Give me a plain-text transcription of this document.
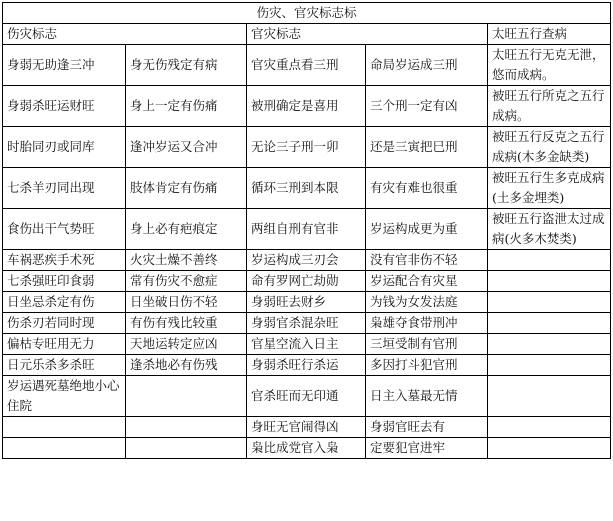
伤灾、官灾标志标				
伤灾标志		官灾标志		太旺五行查病
身弱无助逢三冲	身无伤残定有病	官灾重点看三刑	命局岁运成三刑	太旺五行无克无泄，悠而成病。
身弱杀旺运财旺	身上一定有伤痛	被刑确定是喜用	三个刑一定有凶	被旺五行所克之五行成病。
时胎同刃或同库	逢冲岁运又合冲	无论三子刑一卯	还是三寅把巳刑	被旺五行反克之五行成病(木多金缺类)
七杀羊刃同出现	肢体肯定有伤痛	循环三刑到本限	有灾有难也很重	被旺五行生多克成病(土多金埋类)
食伤出干气势旺	身上必有疤痕定	两组自刑有官非	岁运构成更为重	被旺五行盗泄太过成病(火多木焚类)
车祸恶疾手术死	火灾土燥不善终	岁运构成三刃会	没有官非伤不轻	
七杀强旺印食弱	常有伤灾不愈症	命有罗网亡劫勋	岁运配合有灾星	
日坐忌杀定有伤	日坐破日伤不轻	身弱旺去财乡	为钱为女发法庭	
伤杀刃若同时现	有伤有残比较重	身弱官杀混杂旺	枭雄夺食带刑冲	
偏枯专旺用无力	天地运转定应凶	官星空流入日主	三垣受制有官刑	
日元乐杀多杀旺	逢杀地必有伤残	身弱杀旺行杀运	多因打斗犯官刑	
岁运遇死墓绝地小心住院		官杀旺而无印通	日主入墓最无情	
		身旺无官闹得凶	身弱官旺去有	
		枭比成党官入枭	定要犯官进牢	
